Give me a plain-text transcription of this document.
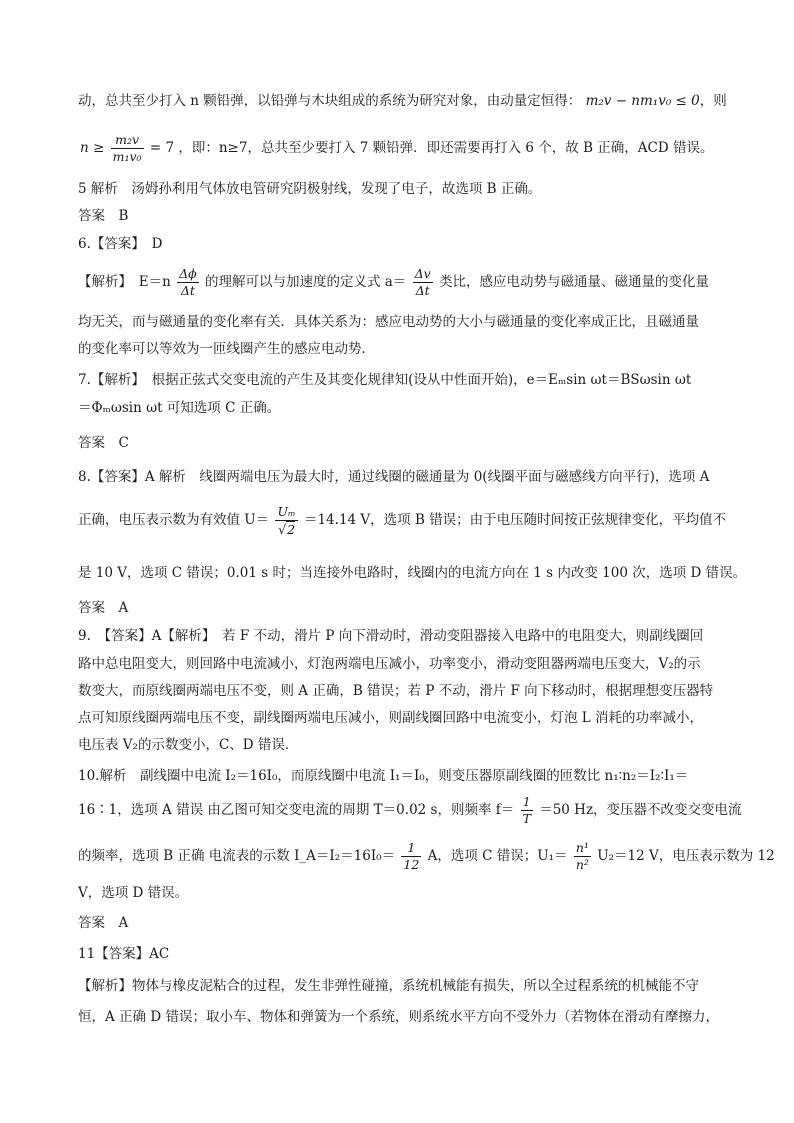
动，总共至少打入 n 颗铅弹，以铅弹与木块组成的系统为研究对象，由动量定恒得： m₂v − nm₁v₀ ≤ 0，则
$n \ge \frac{\text{m₂v}}{\text{m₁v₀}} = 7$ ，即：n≥7，总共至少要打入 7 颗铅弹．即还需要再打入 6 个，故 B 正确，ACD 错误。
5 解析　汤姆孙利用气体放电管研究阴极射线，发现了电子，故选项 B 正确。
答案　B
6.【答案】　D
【解析】　$E=n \frac{\Delta\phi}{\Delta t}$ 的理解可以与加速度的定义式 $a= \frac{\Delta v}{\Delta t}$ 类比，感应电动势与磁通量、磁通量的变化量
均无关，而与磁通量的变化率有关．具体关系为：感应电动势的大小与磁通量的变化率成正比，且磁通量
的变化率可以等效为一匝线圈产生的感应电动势．
7.【解析】　根据正弦式交变电流的产生及其变化规律知(设从中性面开始)，e＝Eₘsin ωt＝BSωsin ωt
＝Φₘωsin ωt 可知选项 C 正确。
答案　C
8.【答案】A 解析　线圈两端电压为最大时，通过线圈的磁通量为 0(线圈平面与磁感线方向平行)，选项 A
正确，电压表示数为有效值 $U= \frac{\text{Uₘ}}{√2} =14.14$ V，选项 B 错误；由于电压随时间按正弦规律变化，平均值不
是 10 V，选项 C 错误；0.01 s 时；当连接外电路时，线圈内的电流方向在 1 s 内改变 100 次，选项 D 错误。
答案　A
9.　【答案】A【解析】　若 F 不动，滑片 P 向下滑动时，滑动变阻器接入电路中的电阻变大，则副线圈回
路中总电阻变大，则回路中电流减小，灯泡两端电压减小，功率变小，滑动变阻器两端电压变大，V₂的示
数变大，而原线圈两端电压不变，则 A 正确，B 错误；若 P 不动，滑片 F 向下移动时，根据理想变压器特
点可知原线圈两端电压不变，副线圈两端电压减小，则副线圈回路中电流变小，灯泡 L 消耗的功率减小，
电压表 V₂的示数变小，C、D 错误．
10.解析　副线圈中电流 I₂＝16I₀，而原线圈中电流 I₁＝I₀，则变压器原副线圈的匝数比 n₁∶n₂＝I₂∶I₁＝
16∶1，选项 A 错误 由乙图可知交变电流的周期 T＝0.02 s，则频率 $f= \frac{1}{T} =50$ Hz，变压器不改变交变电流
的频率，选项 B 正确 电流表的示数 I_A＝I₂＝16I₀＝ $\frac{1}{12}$ A，选项 C 错误；$U_1= \frac{\text{n¹}}{\text{n²}} U_2=12$ V，电压表示数为 12
V，选项 D 错误。
答案　A
11【答案】AC
【解析】物体与橡皮泥粘合的过程，发生非弹性碰撞，系统机械能有损失，所以全过程系统的机械能不守
恒，A 正确 D 错误；取小车、物体和弹簧为一个系统，则系统水平方向不受外力（若物体在滑动有摩擦力，
